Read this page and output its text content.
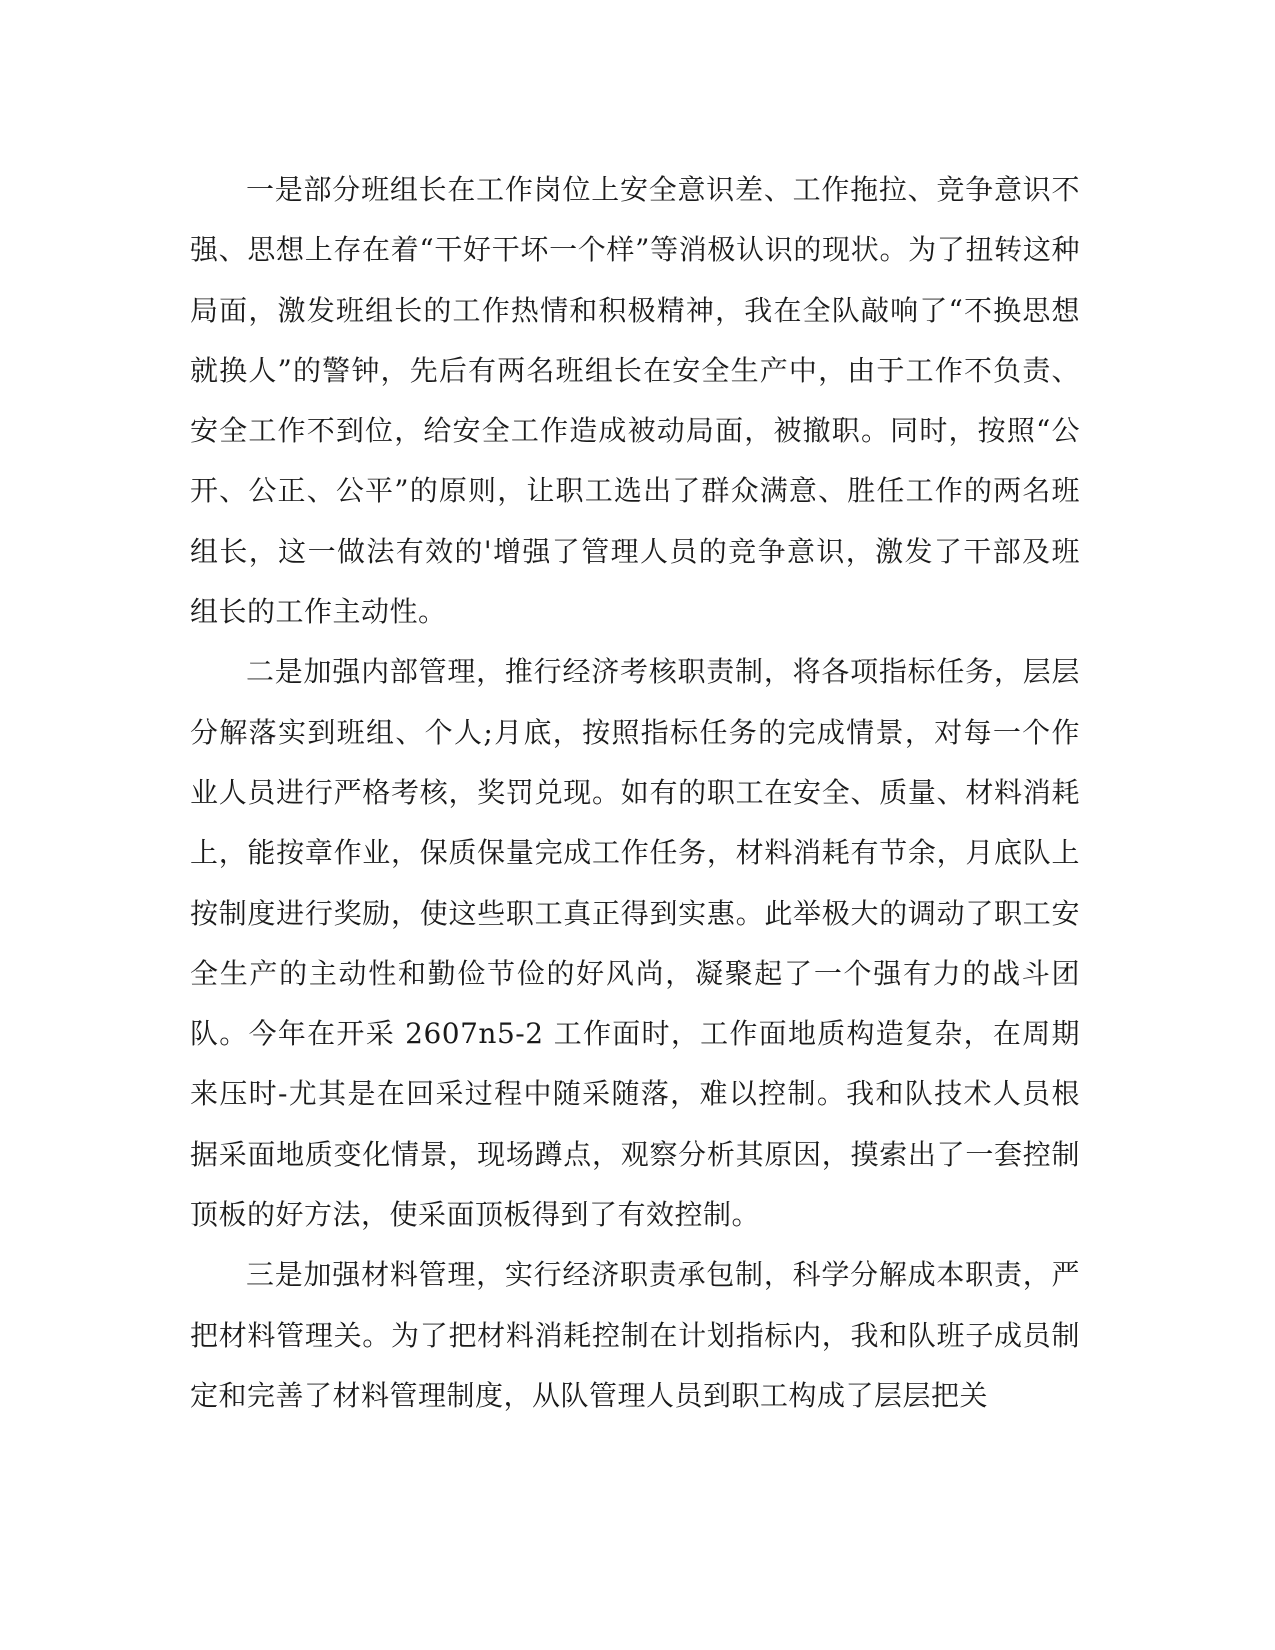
一是部分班组长在工作岗位上安全意识差、工作拖拉、竞争意识不强、思想上存在着“干好干坏一个样”等消极认识的现状。为了扭转这种局面，激发班组长的工作热情和积极精神，我在全队敲响了“不换思想就换人”的警钟，先后有两名班组长在安全生产中，由于工作不负责、安全工作不到位，给安全工作造成被动局面，被撤职。同时，按照“公开、公正、公平”的原则，让职工选出了群众满意、胜任工作的两名班组长，这一做法有效的'增强了管理人员的竞争意识，激发了干部及班组长的工作主动性。

二是加强内部管理，推行经济考核职责制，将各项指标任务，层层分解落实到班组、个人;月底，按照指标任务的完成情景，对每一个作业人员进行严格考核，奖罚兑现。如有的职工在安全、质量、材料消耗上，能按章作业，保质保量完成工作任务，材料消耗有节余，月底队上按制度进行奖励，使这些职工真正得到实惠。此举极大的调动了职工安全生产的主动性和勤俭节俭的好风尚，凝聚起了一个强有力的战斗团队。今年在开采 2607n5-2 工作面时，工作面地质构造复杂，在周期来压时-尤其是在回采过程中随采随落，难以控制。我和队技术人员根据采面地质变化情景，现场蹲点，观察分析其原因，摸索出了一套控制顶板的好方法，使采面顶板得到了有效控制。

三是加强材料管理，实行经济职责承包制，科学分解成本职责，严把材料管理关。为了把材料消耗控制在计划指标内，我和队班子成员制定和完善了材料管理制度，从队管理人员到职工构成了层层把关
